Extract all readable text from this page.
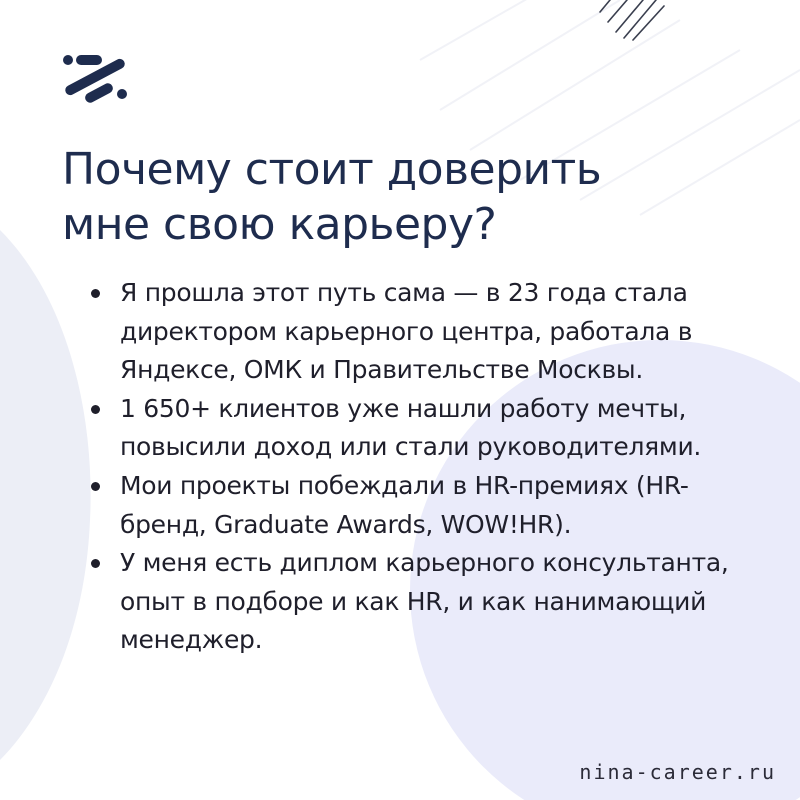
Почему стоит доверить
мне свою карьеру?
Я прошла этот путь сама — в 23 года стала директором карьерного центра, работала в Яндексе, ОМК и Правительстве Москвы.
1 650+ клиентов уже нашли работу мечты, повысили доход или стали руководителями.
Мои проекты побеждали в HR-премиях (HR-бренд, Graduate Awards, WOW!HR).
У меня есть диплом карьерного консультанта, опыт в подборе и как HR, и как нанимающий менеджер.
nina-career.ru
